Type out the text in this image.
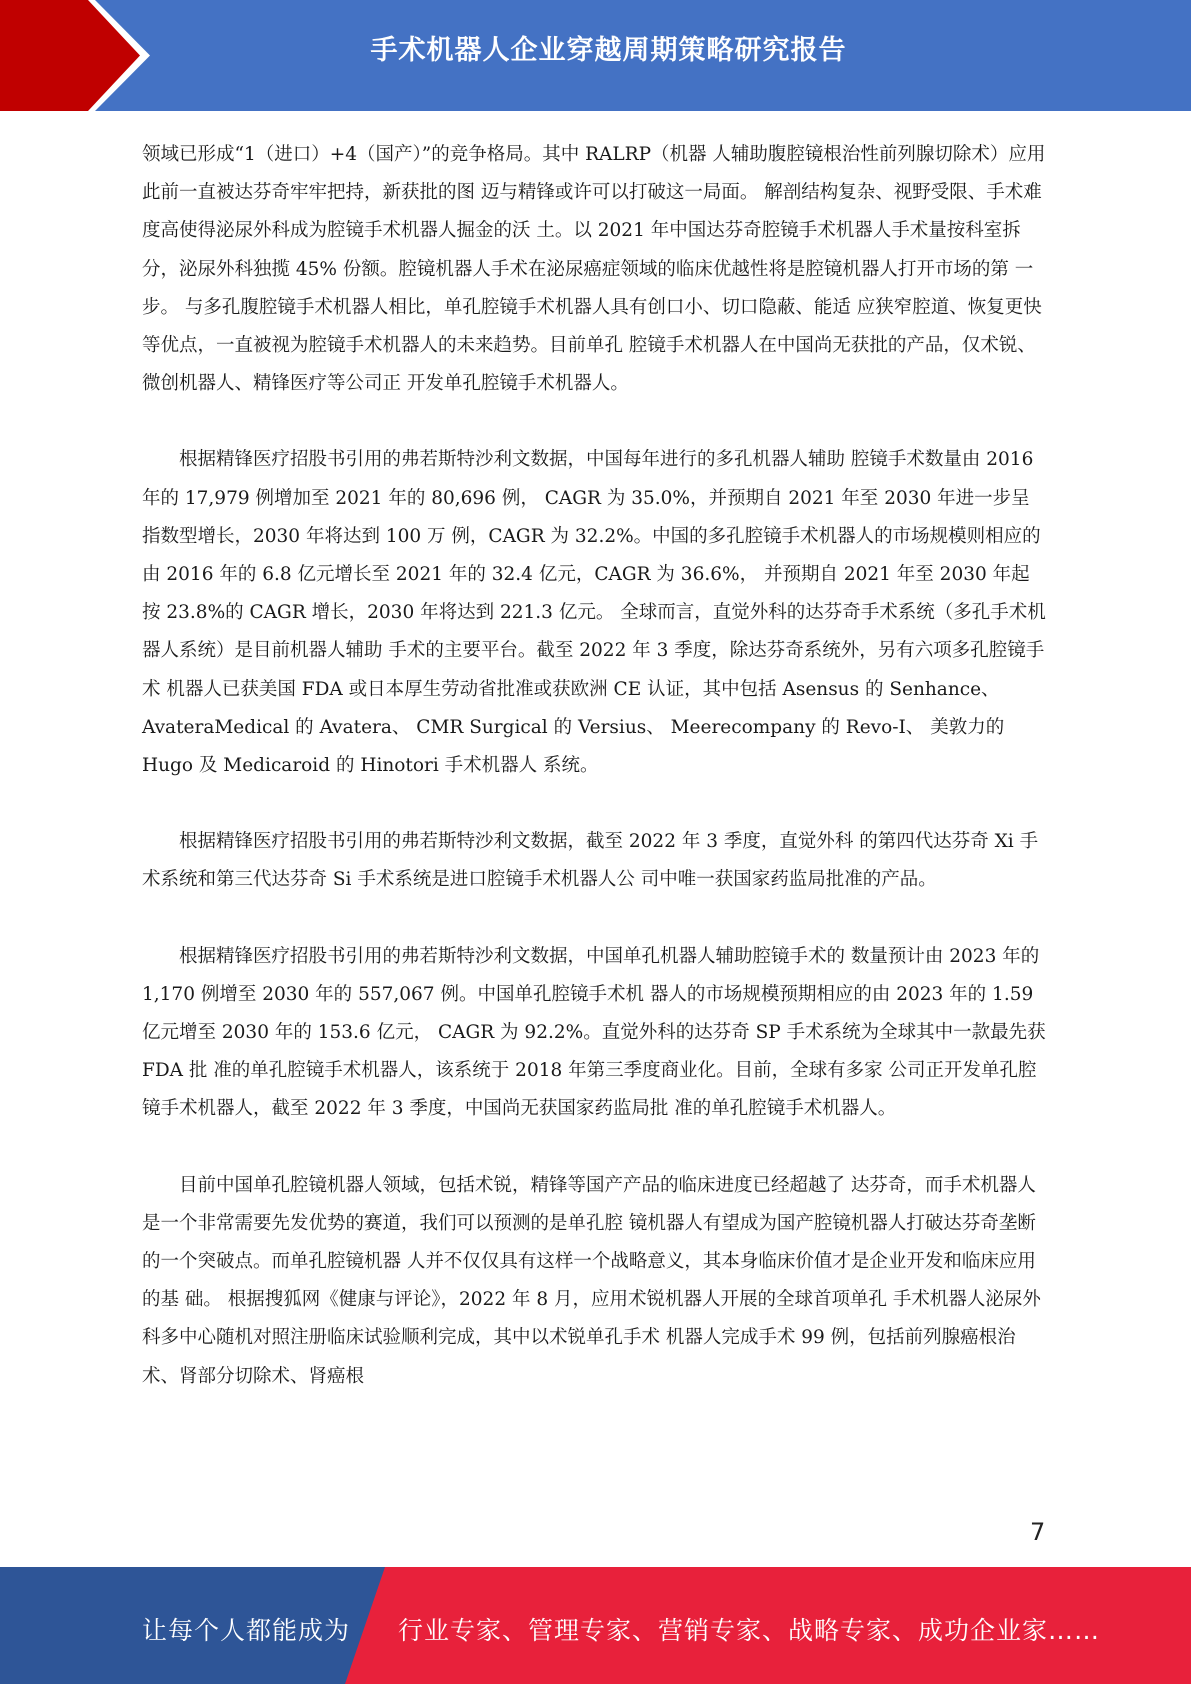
手术机器人企业穿越周期策略研究报告

领域已形成“1（进口）+4（国产）”的竞争格局。其中 RALRP（机器 人辅助腹腔镜根治性前列腺切除术）应用此前一直被达芬奇牢牢把持，新获批的图 迈与精锋或许可以打破这一局面。 解剖结构复杂、视野受限、手术难度高使得泌尿外科成为腔镜手术机器人掘金的沃 土。以 2021 年中国达芬奇腔镜手术机器人手术量按科室拆分，泌尿外科独揽 45% 份额。腔镜机器人手术在泌尿癌症领域的临床优越性将是腔镜机器人打开市场的第 一步。 与多孔腹腔镜手术机器人相比，单孔腔镜手术机器人具有创口小、切口隐蔽、能适 应狭窄腔道、恢复更快等优点，一直被视为腔镜手术机器人的未来趋势。目前单孔 腔镜手术机器人在中国尚无获批的产品，仅术锐、微创机器人、精锋医疗等公司正 开发单孔腔镜手术机器人。

根据精锋医疗招股书引用的弗若斯特沙利文数据，中国每年进行的多孔机器人辅助 腔镜手术数量由 2016 年的 17,979 例增加至 2021 年的 80,696 例， CAGR 为 35.0%，并预期自 2021 年至 2030 年进一步呈指数型增长，2030 年将达到 100 万 例，CAGR 为 32.2%。中国的多孔腔镜手术机器人的市场规模则相应的由 2016 年的 6.8 亿元增长至 2021 年的 32.4 亿元，CAGR 为 36.6%， 并预期自 2021 年至 2030 年起按 23.8%的 CAGR 增长，2030 年将达到 221.3 亿元。 全球而言，直觉外科的达芬奇手术系统（多孔手术机器人系统）是目前机器人辅助 手术的主要平台。截至 2022 年 3 季度，除达芬奇系统外，另有六项多孔腔镜手术 机器人已获美国 FDA 或日本厚生劳动省批准或获欧洲 CE 认证，其中包括 Asensus 的 Senhance、 AvateraMedical 的 Avatera、 CMR Surgical 的 Versius、 Meerecompany 的 Revo-I、 美敦力的 Hugo 及 Medicaroid 的 Hinotori 手术机器人 系统。

根据精锋医疗招股书引用的弗若斯特沙利文数据，截至 2022 年 3 季度，直觉外科 的第四代达芬奇 Xi 手术系统和第三代达芬奇 Si 手术系统是进口腔镜手术机器人公 司中唯一获国家药监局批准的产品。

根据精锋医疗招股书引用的弗若斯特沙利文数据，中国单孔机器人辅助腔镜手术的 数量预计由 2023 年的 1,170 例增至 2030 年的 557,067 例。中国单孔腔镜手术机 器人的市场规模预期相应的由 2023 年的 1.59 亿元增至 2030 年的 153.6 亿元， CAGR 为 92.2%。直觉外科的达芬奇 SP 手术系统为全球其中一款最先获 FDA 批 准的单孔腔镜手术机器人，该系统于 2018 年第三季度商业化。目前，全球有多家 公司正开发单孔腔镜手术机器人，截至 2022 年 3 季度，中国尚无获国家药监局批 准的单孔腔镜手术机器人。

目前中国单孔腔镜机器人领域，包括术锐，精锋等国产产品的临床进度已经超越了 达芬奇，而手术机器人是一个非常需要先发优势的赛道，我们可以预测的是单孔腔 镜机器人有望成为国产腔镜机器人打破达芬奇垄断的一个突破点。而单孔腔镜机器 人并不仅仅具有这样一个战略意义，其本身临床价值才是企业开发和临床应用的基 础。 根据搜狐网《健康与评论》，2022 年 8 月，应用术锐机器人开展的全球首项单孔 手术机器人泌尿外科多中心随机对照注册临床试验顺利完成，其中以术锐单孔手术 机器人完成手术 99 例，包括前列腺癌根治术、肾部分切除术、肾癌根

7
让每个人都能成为 行业专家、管理专家、营销专家、战略专家、成功企业家……
